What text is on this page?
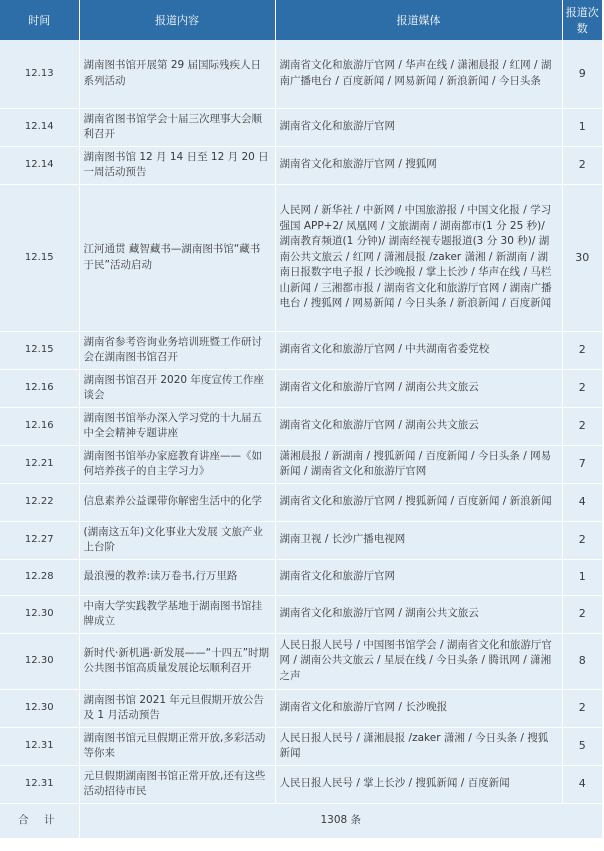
时间	报道内容	报道媒体	报道次数
12.13	湖南图书馆开展第 29 届国际残疾人日系列活动	湖南省文化和旅游厅官网 / 华声在线 / 潇湘晨报 / 红网 / 湖南广播电台 / 百度新闻 / 网易新闻 / 新浪新闻 / 今日头条	9
12.14	湖南省图书馆学会十届三次理事大会顺利召开	湖南省文化和旅游厅官网	1
12.14	湖南图书馆 12 月 14 日至 12 月 20 日一周活动预告	湖南省文化和旅游厅官网 / 搜狐网	2
12.15	江河通贯 藏智藏书—湖南图书馆“藏书于民”活动启动	人民网 / 新华社 / 中新网 / 中国旅游报 / 中国文化报 / 学习强国 APP+2/ 凤凰网 / 文旅湖南 / 湖南都市(1 分 25 秒)/ 湖南教育频道(1 分钟)/ 湖南经视专题报道(3 分 30 秒)/ 湖南公共文旅云 / 红网 / 潇湘晨报 /zaker 潇湘 / 新湖南 / 湖南日报数字电子报 / 长沙晚报 / 掌上长沙 / 华声在线 / 马栏山新闻 / 三湘都市报 / 湖南省文化和旅游厅官网 / 湖南广播电台 / 搜狐网 / 网易新闻 / 今日头条 / 新浪新闻 / 百度新闻	30
12.15	湖南省参考咨询业务培训班暨工作研讨会在湖南图书馆召开	湖南省文化和旅游厅官网 / 中共湖南省委党校	2
12.16	湖南图书馆召开 2020 年度宣传工作座谈会	湖南省文化和旅游厅官网 / 湖南公共文旅云	2
12.16	湖南图书馆举办深入学习党的十九届五中全会精神专题讲座	湖南省文化和旅游厅官网 / 湖南公共文旅云	2
12.21	湖南图书馆举办家庭教育讲座——《如何培养孩子的自主学习力》	潇湘晨报 / 新湖南 / 搜狐新闻 / 百度新闻 / 今日头条 / 网易新闻 / 湖南省文化和旅游厅官网	7
12.22	信息素养公益课带你解密生活中的化学	湖南省文化和旅游厅官网 / 搜狐新闻 / 百度新闻 / 新浪新闻	4
12.27	(湖南这五年)文化事业大发展 文旅产业上台阶	湖南卫视 / 长沙广播电视网	2
12.28	最浪漫的教养:读万卷书,行万里路	湖南省文化和旅游厅官网	1
12.30	中南大学实践教学基地于湖南图书馆挂牌成立	湖南省文化和旅游厅官网 / 湖南公共文旅云	2
12.30	新时代·新机遇·新发展——“十四五”时期公共图书馆高质量发展论坛顺利召开	人民日报人民号 / 中国图书馆学会 / 湖南省文化和旅游厅官网 / 湖南公共文旅云 / 星辰在线 / 今日头条 / 腾讯网 / 潇湘之声	8
12.30	湖南图书馆 2021 年元旦假期开放公告及 1 月活动预告	湖南省文化和旅游厅官网 / 长沙晚报	2
12.31	湖南图书馆元旦假期正常开放,多彩活动等你来	人民日报人民号 / 潇湘晨报 /zaker 潇湘 / 今日头条 / 搜狐新闻	5
12.31	元旦假期湖南图书馆正常开放,还有这些活动招待市民	人民日报人民号 / 掌上长沙 / 搜狐新闻 / 百度新闻	4
合 计	1308 条		
